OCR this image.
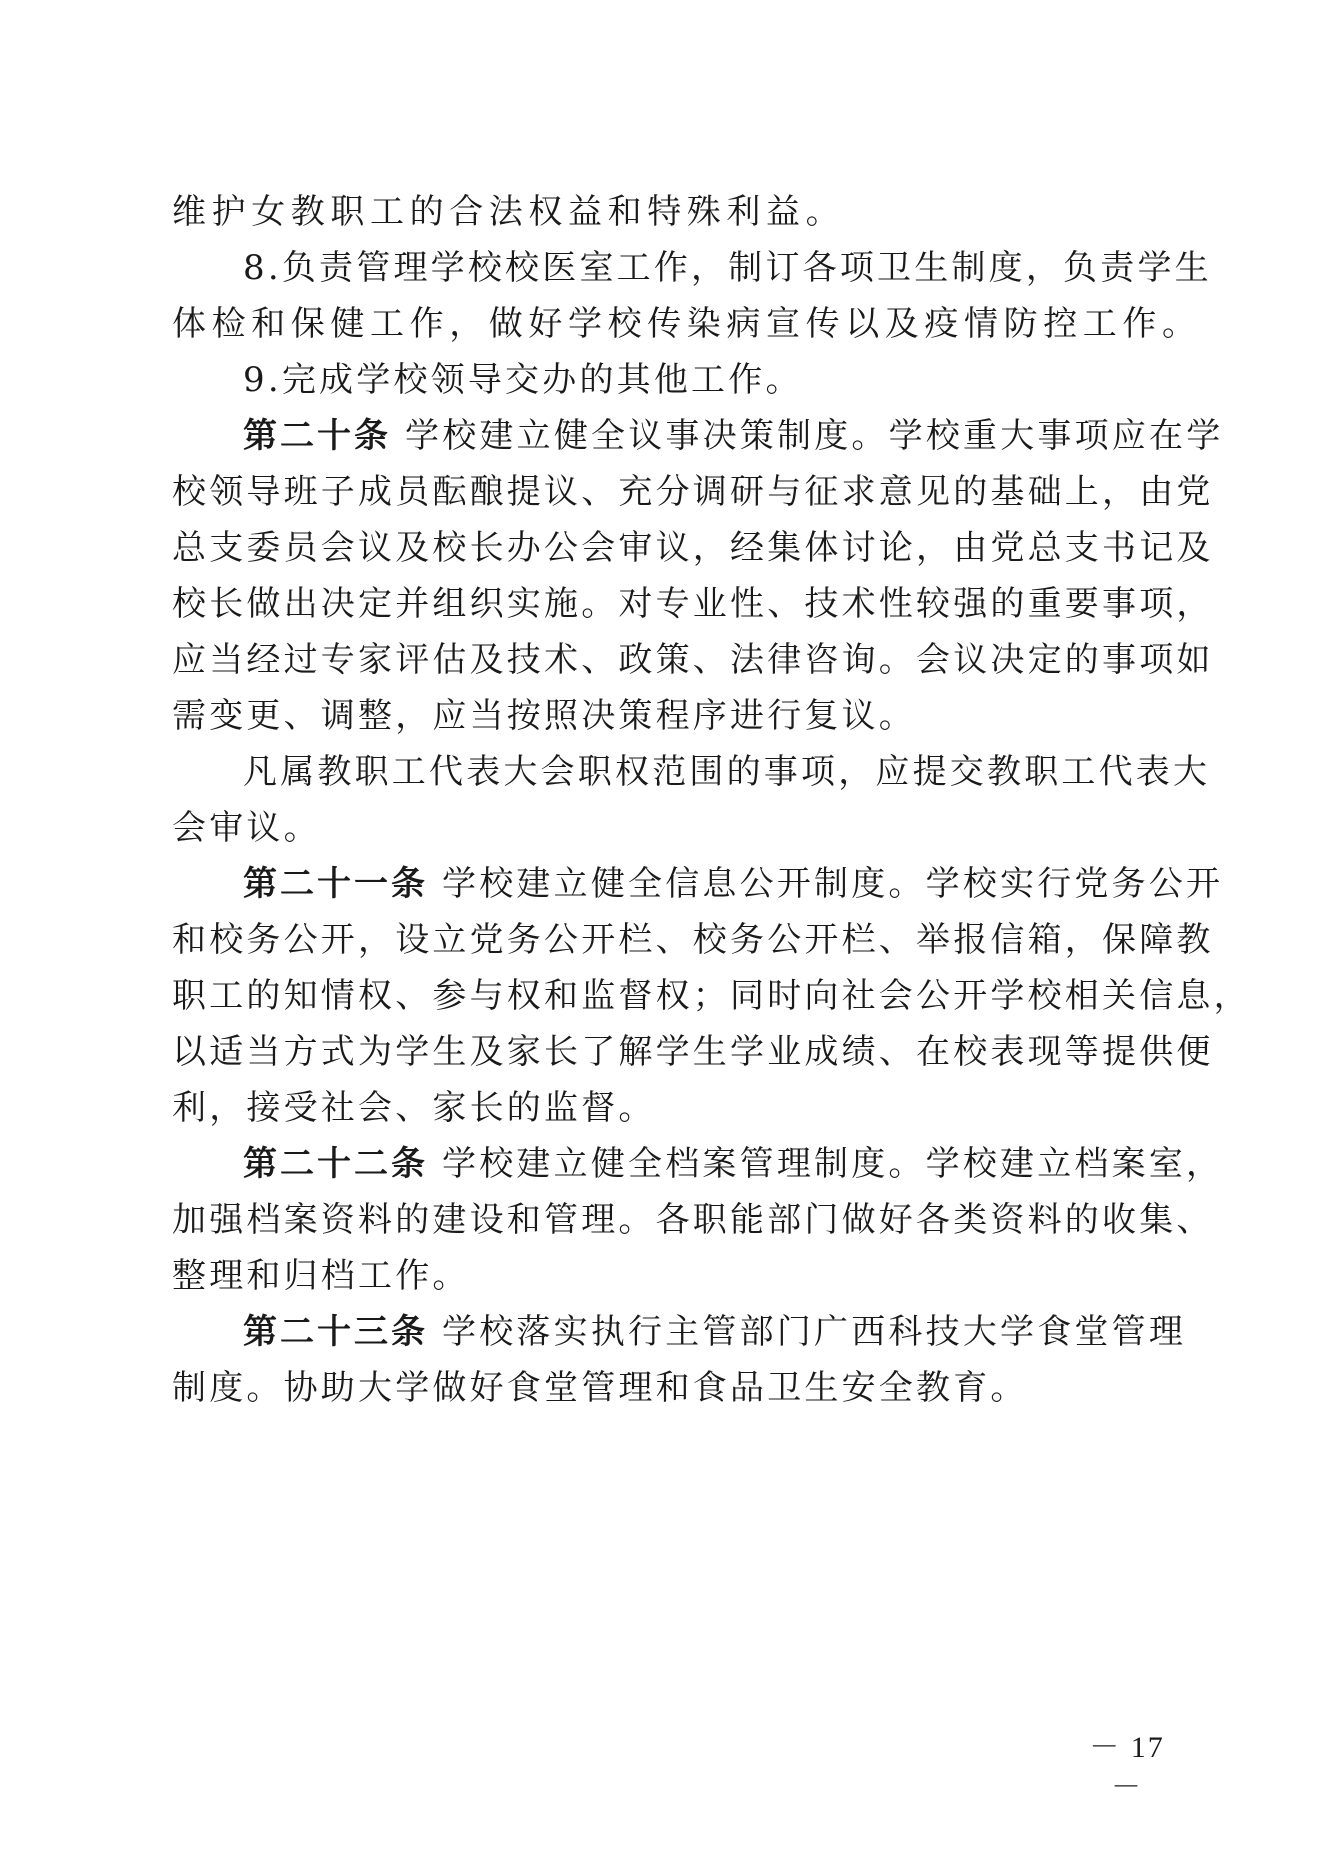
维护女教职工的合法权益和特殊利益。
8.负责管理学校校医室工作，制订各项卫生制度，负责学生
体检和保健工作，做好学校传染病宣传以及疫情防控工作。
9.完成学校领导交办的其他工作。
第二十条 学校建立健全议事决策制度。学校重大事项应在学
校领导班子成员酝酿提议、充分调研与征求意见的基础上，由党
总支委员会议及校长办公会审议，经集体讨论，由党总支书记及
校长做出决定并组织实施。对专业性、技术性较强的重要事项，
应当经过专家评估及技术、政策、法律咨询。会议决定的事项如
需变更、调整，应当按照决策程序进行复议。
凡属教职工代表大会职权范围的事项，应提交教职工代表大
会审议。
第二十一条 学校建立健全信息公开制度。学校实行党务公开
和校务公开，设立党务公开栏、校务公开栏、举报信箱，保障教
职工的知情权、参与权和监督权；同时向社会公开学校相关信息，
以适当方式为学生及家长了解学生学业成绩、在校表现等提供便
利，接受社会、家长的监督。
第二十二条 学校建立健全档案管理制度。学校建立档案室，
加强档案资料的建设和管理。各职能部门做好各类资料的收集、
整理和归档工作。
第二十三条 学校落实执行主管部门广西科技大学食堂管理
制度。协助大学做好食堂管理和食品卫生安全教育。
－ 17 －
